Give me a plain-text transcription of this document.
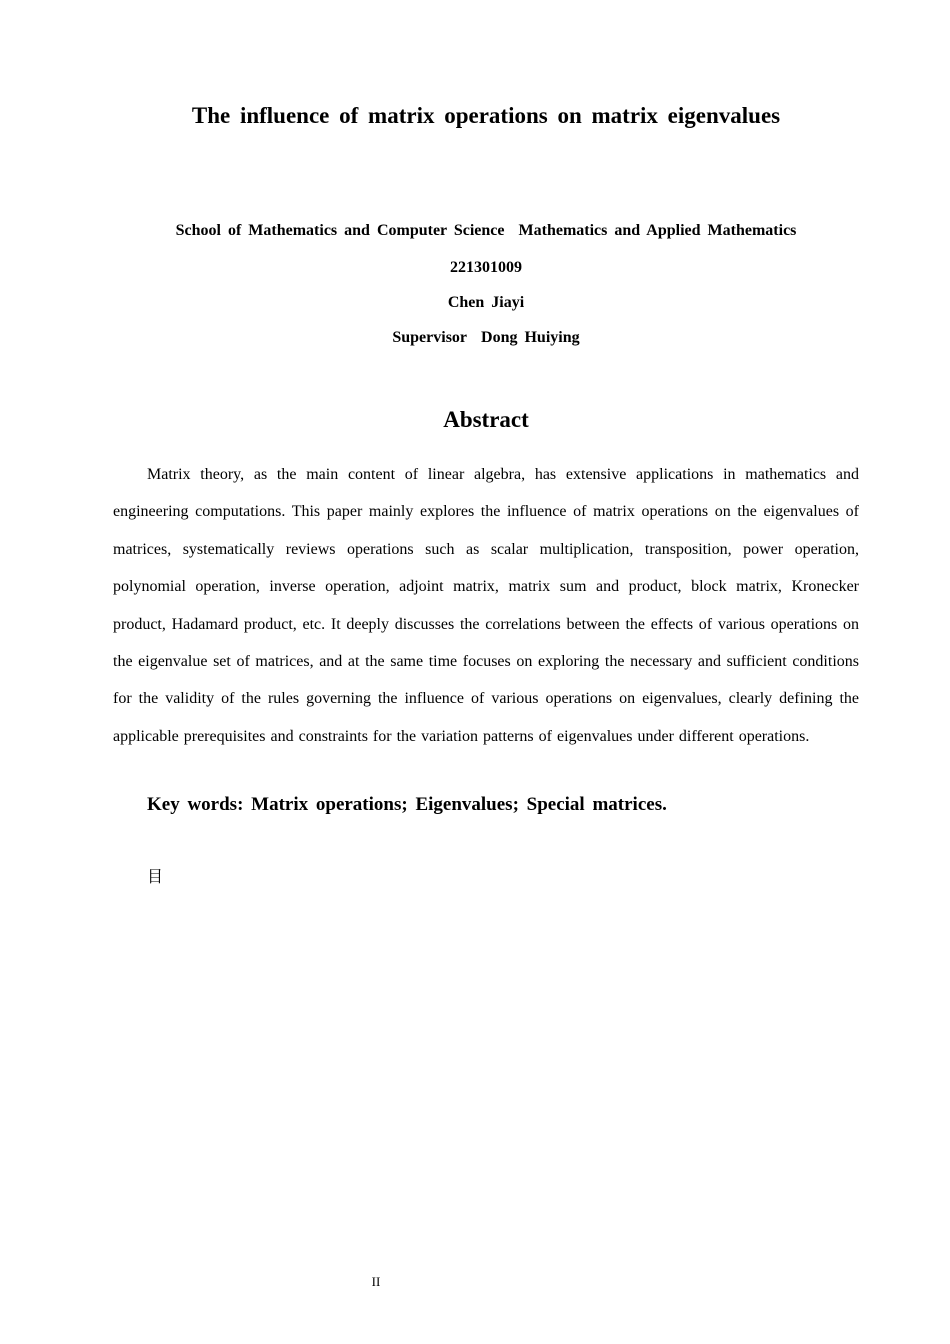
The influence of matrix operations on matrix eigenvalues
School of Mathematics and Computer Science Mathematics and Applied Mathematics
221301009
Chen Jiayi
Supervisor Dong Huiying
Abstract

Matrix theory, as the main content of linear algebra, has extensive applications in mathematics and engineering computations. This paper mainly explores the influence of matrix operations on the eigenvalues of matrices, systematically reviews operations such as scalar multiplication, transposition, power operation, polynomial operation, inverse operation, adjoint matrix, matrix sum and product, block matrix, Kronecker product, Hadamard product, etc. It deeply discusses the correlations between the effects of various operations on the eigenvalue set of matrices, and at the same time focuses on exploring the necessary and sufficient conditions for the validity of the rules governing the influence of various operations on eigenvalues, clearly defining the applicable prerequisites and constraints for the variation patterns of eigenvalues under different operations.

Key words: Matrix operations; Eigenvalues; Special matrices.
目
II
